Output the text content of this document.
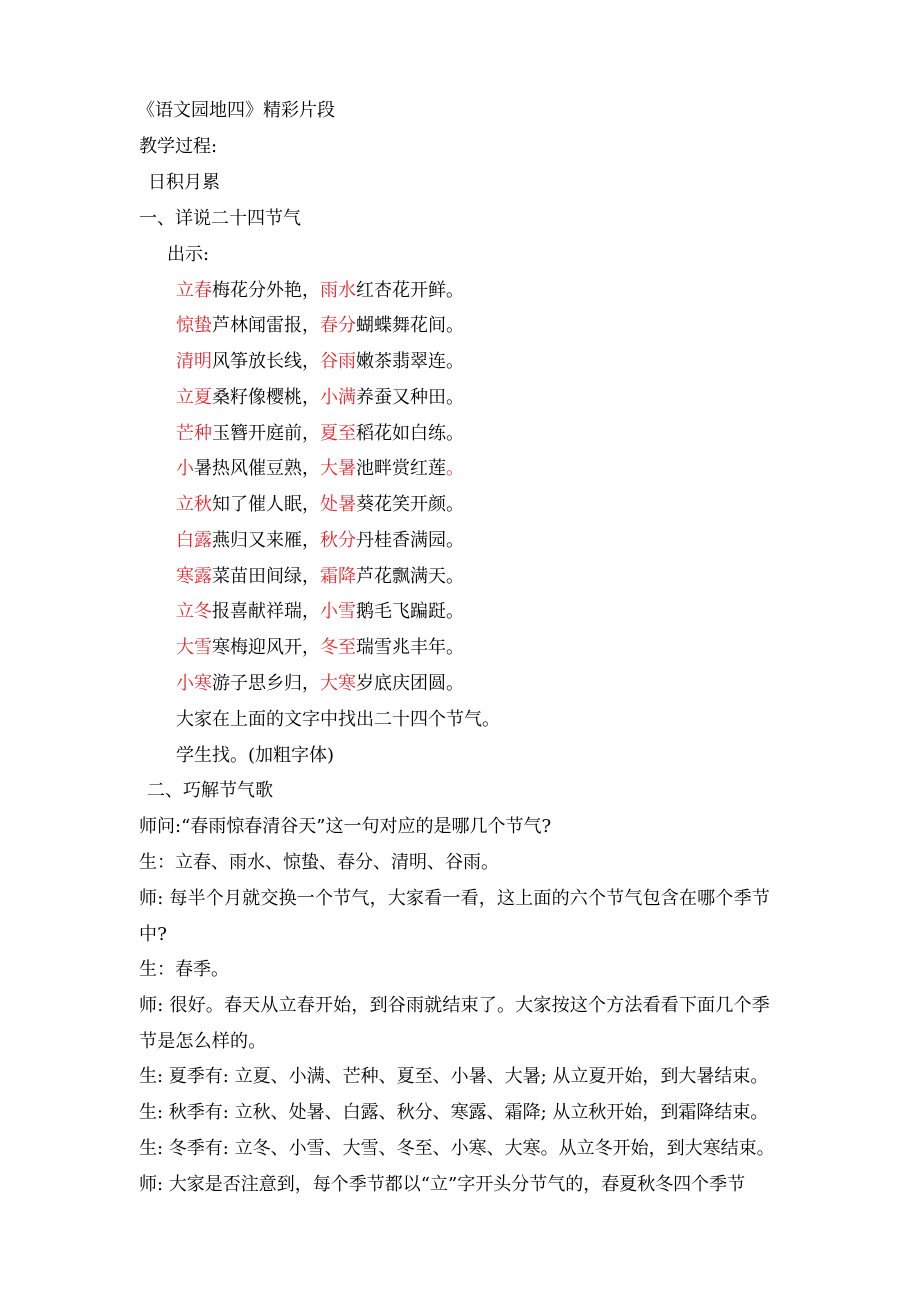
《语文园地四》精彩片段
教学过程:
日积月累
一、详说二十四节气
出示:
立春梅花分外艳，雨水红杏花开鲜。
惊蛰芦林闻雷报，春分蝴蝶舞花间。
清明风筝放长线，谷雨嫩茶翡翠连。
立夏桑籽像樱桃，小满养蚕又种田。
芒种玉簪开庭前，夏至稻花如白练。
小暑热风催豆熟，大暑池畔赏红莲。
立秋知了催人眠，处暑葵花笑开颜。
白露燕归又来雁，秋分丹桂香满园。
寒露菜苗田间绿，霜降芦花飘满天。
立冬报喜献祥瑞，小雪鹅毛飞蹁跹。
大雪寒梅迎风开，冬至瑞雪兆丰年。
小寒游子思乡归，大寒岁底庆团圆。
大家在上面的文字中找出二十四个节气。
学生找。(加粗字体)
二、巧解节气歌
师问:“春雨惊春清谷天”这一句对应的是哪几个节气?
生：立春、雨水、惊蛰、春分、清明、谷雨。
师: 每半个月就交换一个节气，大家看一看，这上面的六个节气包含在哪个季节中?
生：春季。
师: 很好。春天从立春开始，到谷雨就结束了。大家按这个方法看看下面几个季节是怎么样的。
生: 夏季有: 立夏、小满、芒种、夏至、小暑、大暑; 从立夏开始，到大暑结束。
生: 秋季有: 立秋、处暑、白露、秋分、寒露、霜降; 从立秋开始，到霜降结束。
生: 冬季有: 立冬、小雪、大雪、冬至、小寒、大寒。从立冬开始，到大寒结束。
师: 大家是否注意到，每个季节都以“立”字开头分节气的，春夏秋冬四个季节
